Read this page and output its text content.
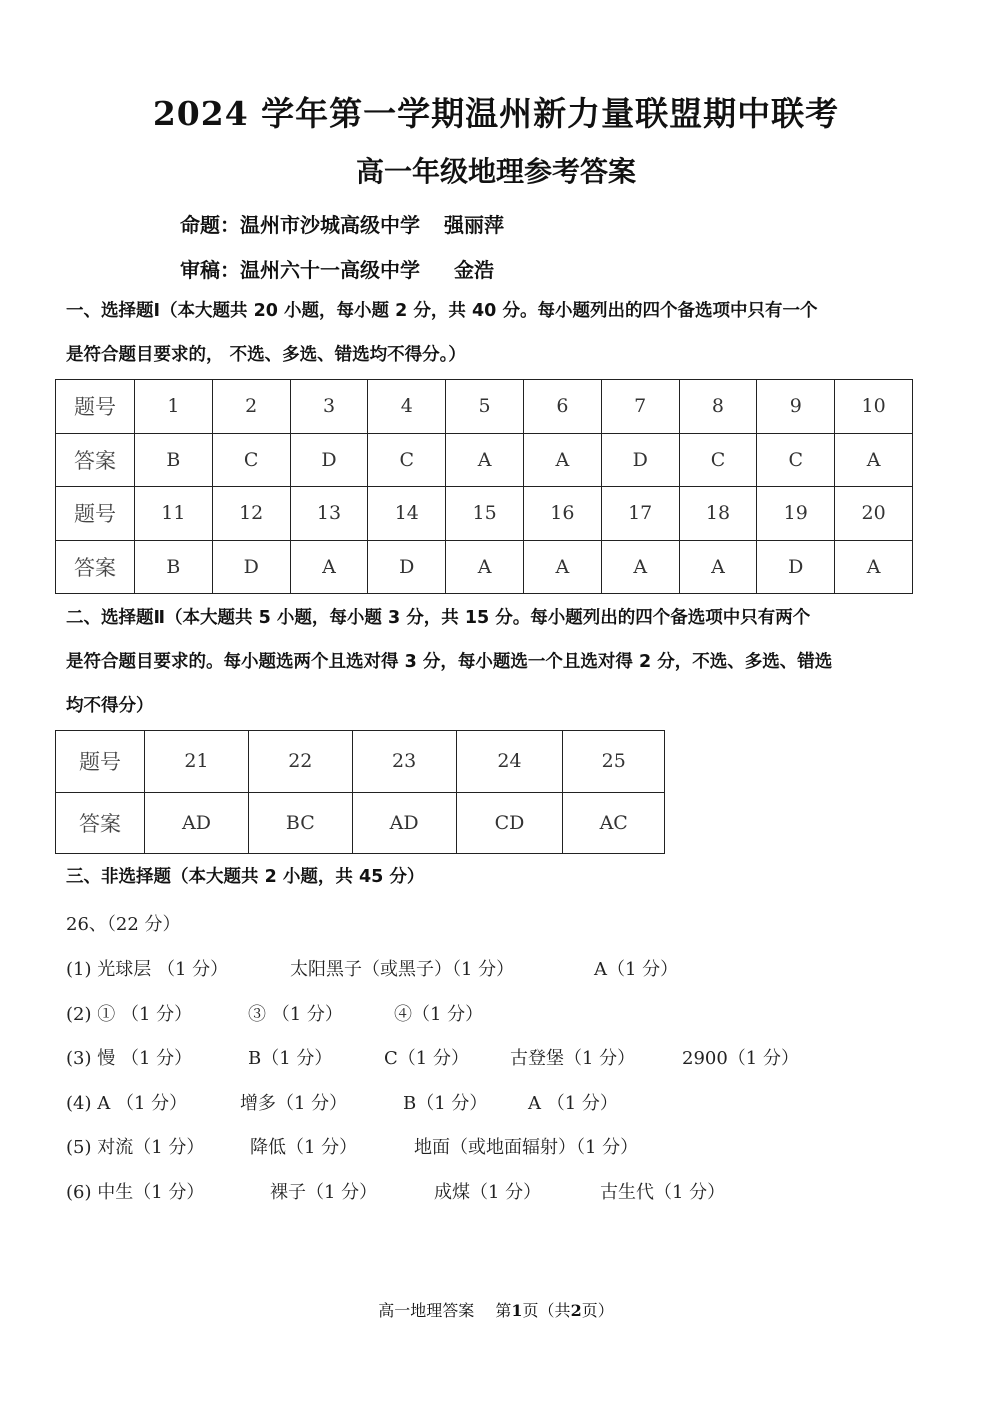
2024 学年第一学期温州新力量联盟期中联考
高一年级地理参考答案
命题：温州市沙城高级中学 强丽萍
审稿：温州六十一高级中学 金浩
一、选择题Ⅰ（本大题共 20 小题，每小题 2 分，共 40 分。每小题列出的四个备选项中只有一个
是符合题目要求的， 不选、多选、错选均不得分。）
题号	1	2	3	4	5	6	7	8	9	10
答案	B	C	D	C	A	A	D	C	C	A
题号	11	12	13	14	15	16	17	18	19	20
答案	B	D	A	D	A	A	A	A	D	A
二、选择题Ⅱ（本大题共 5 小题，每小题 3 分，共 15 分。每小题列出的四个备选项中只有两个
是符合题目要求的。每小题选两个且选对得 3 分，每小题选一个且选对得 2 分，不选、多选、错选
均不得分）
题号	21	22	23	24	25
答案	AD	BC	AD	CD	AC
三、非选择题（本大题共 2 小题，共 45 分）
26、（22 分）
(1) 光球层 （1 分）	太阳黑子（或黑子）（1 分）	A（1 分）
(2) ① （1 分）	③ （1 分）	④（1 分）
(3) 慢 （1 分）	B（1 分）	C（1 分） 古登堡（1 分）	2900（1 分）
(4) A （1 分）	增多（1 分）	B（1 分） A （1 分）
(5) 对流（1 分）	降低（1 分）	地面（或地面辐射）（1 分）
(6) 中生（1 分）	裸子（1 分）	成煤（1 分）	古生代（1 分）
高一地理答案 第1页（共2页）
